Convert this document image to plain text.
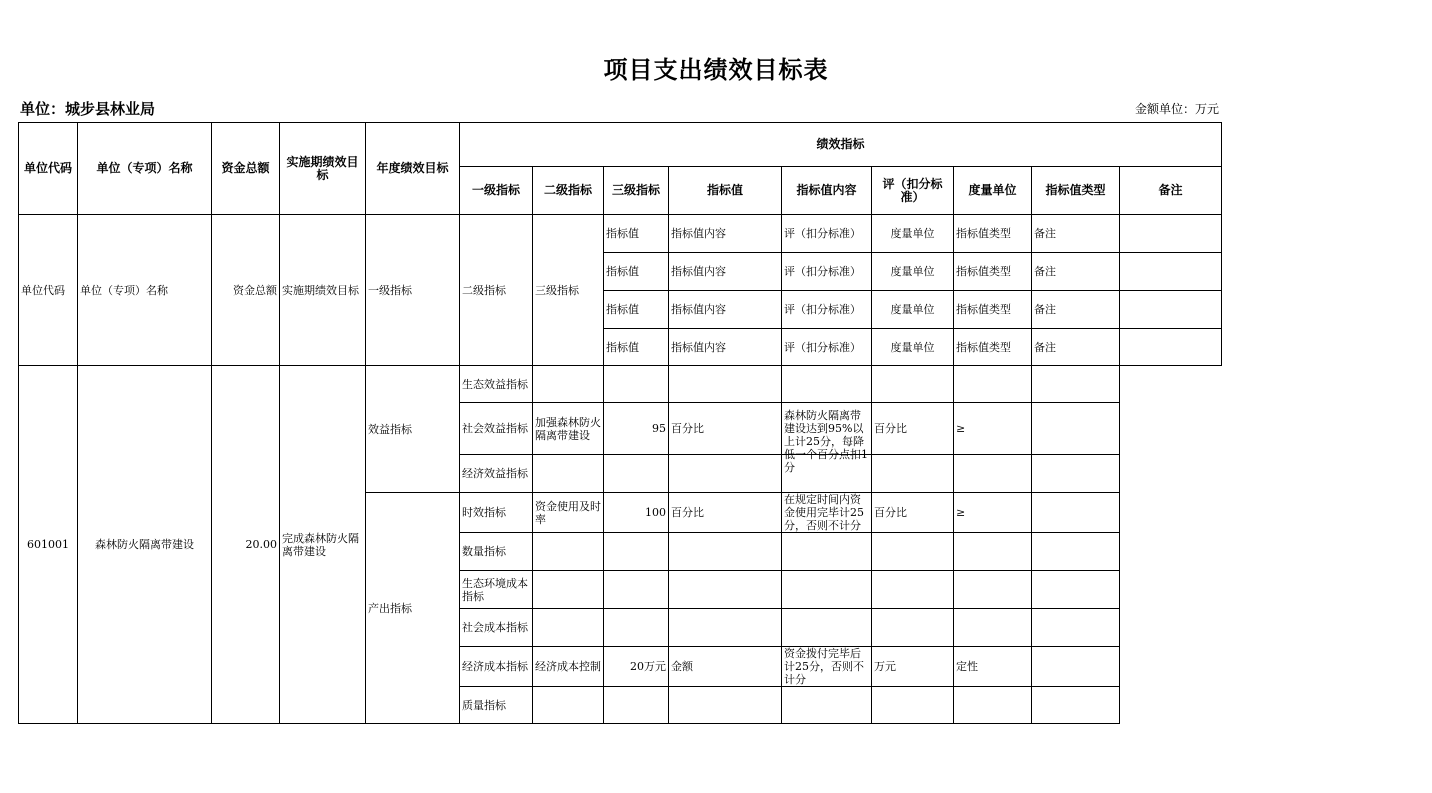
项目支出绩效目标表
单位：城步县林业局	金额单位：万元
单位代码	单位（专项）名称	资金总额	实施期绩效目标	年度绩效目标	绩效指标								
					一级指标	二级指标	三级指标	指标值	指标值内容	评（扣分标准）	度量单位	指标值类型	备注
单位代码	单位（专项）名称	资金总额	实施期绩效目标	一级指标	二级指标	三级指标	指标值	指标值内容	评（扣分标准）	度量单位	指标值类型	备注	
							指标值	指标值内容	评（扣分标准）	度量单位	指标值类型	备注	
							指标值	指标值内容	评（扣分标准）	度量单位	指标值类型	备注	
							指标值	指标值内容	评（扣分标准）	度量单位	指标值类型	备注	
601001	森林防火隔离带建设	20.00	完成森林防火隔离带建设	效益指标	生态效益指标					

					社会效益指标	加强森林防火隔离带建设	95	百分比	森林防火隔离带建设达到95%以上计25分，每降低一个百分点扣1分	百分比	≥		
					经济效益指标					

				产出指标	时效指标	资金使用及时率	100	百分比	在规定时间内资金使用完毕计25分，否则不计分	百分比	≥		
					数量指标					

					生态环境成本指标					

					社会成本指标					

					经济成本指标	经济成本控制	20万元	金额	资金拨付完毕后计25分，否则不计分	万元	定性		
					质量指标					
